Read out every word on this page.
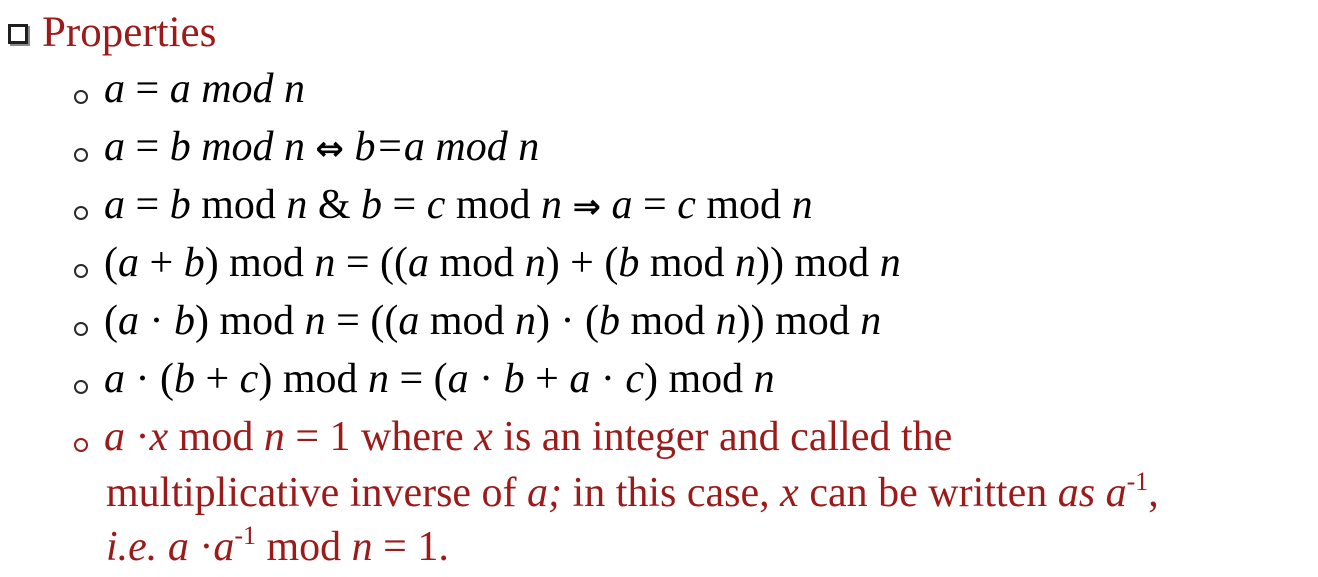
Properties
a = a mod n
a = b mod n ⇔ b=a mod n
a = b mod n & b = c mod n ⇒ a = c mod n
(a + b) mod n = ((a mod n) + (b mod n)) mod n
(a · b) mod n = ((a mod n) · (b mod n)) mod n
a · (b + c) mod n = (a · b + a · c) mod n
a ·x mod n = 1 where x is an integer and called the
multiplicative inverse of a; in this case, x can be written as $a^{-1}$,
i.e. $a \cdot a^{-1}$ mod n = 1.
